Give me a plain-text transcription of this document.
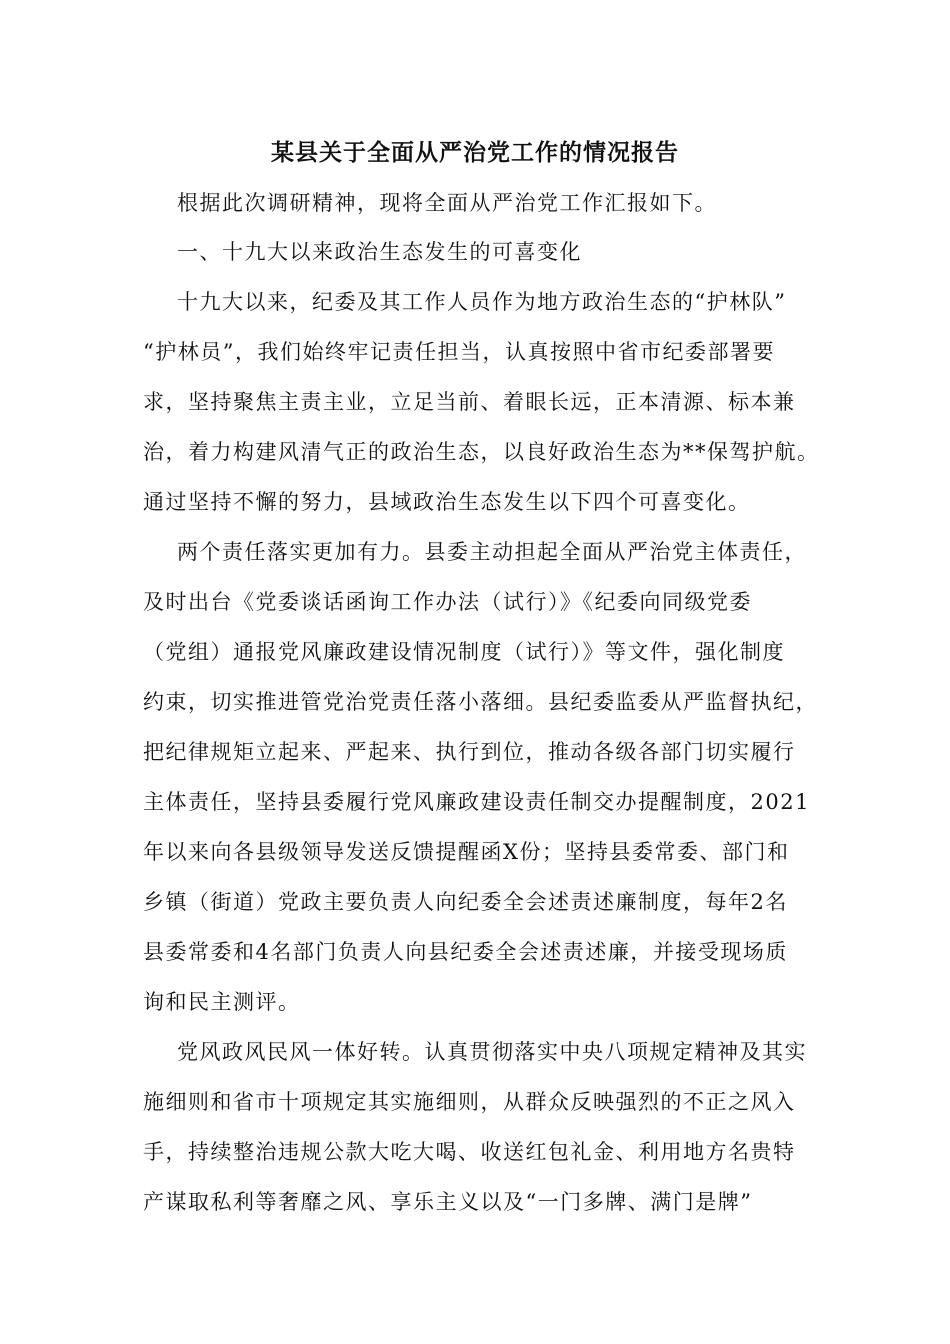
某县关于全面从严治党工作的情况报告
根据此次调研精神，现将全面从严治党工作汇报如下。
一、十九大以来政治生态发生的可喜变化
十九大以来，纪委及其工作人员作为地方政治生态的“护林队”
“护林员”，我们始终牢记责任担当，认真按照中省市纪委部署要
求，坚持聚焦主责主业，立足当前、着眼长远，正本清源、标本兼
治，着力构建风清气正的政治生态，以良好政治生态为**保驾护航。
通过坚持不懈的努力，县域政治生态发生以下四个可喜变化。
两个责任落实更加有力。县委主动担起全面从严治党主体责任，
及时出台《党委谈话函询工作办法（试行）》《纪委向同级党委
（党组）通报党风廉政建设情况制度（试行）》等文件，强化制度
约束，切实推进管党治党责任落小落细。县纪委监委从严监督执纪，
把纪律规矩立起来、严起来、执行到位，推动各级各部门切实履行
主体责任，坚持县委履行党风廉政建设责任制交办提醒制度，2021
年以来向各县级领导发送反馈提醒函X份；坚持县委常委、部门和
乡镇（街道）党政主要负责人向纪委全会述责述廉制度，每年2名
县委常委和4名部门负责人向县纪委全会述责述廉，并接受现场质
询和民主测评。
党风政风民风一体好转。认真贯彻落实中央八项规定精神及其实
施细则和省市十项规定其实施细则，从群众反映强烈的不正之风入
手，持续整治违规公款大吃大喝、收送红包礼金、利用地方名贵特
产谋取私利等奢靡之风、享乐主义以及“一门多牌、满门是牌”
